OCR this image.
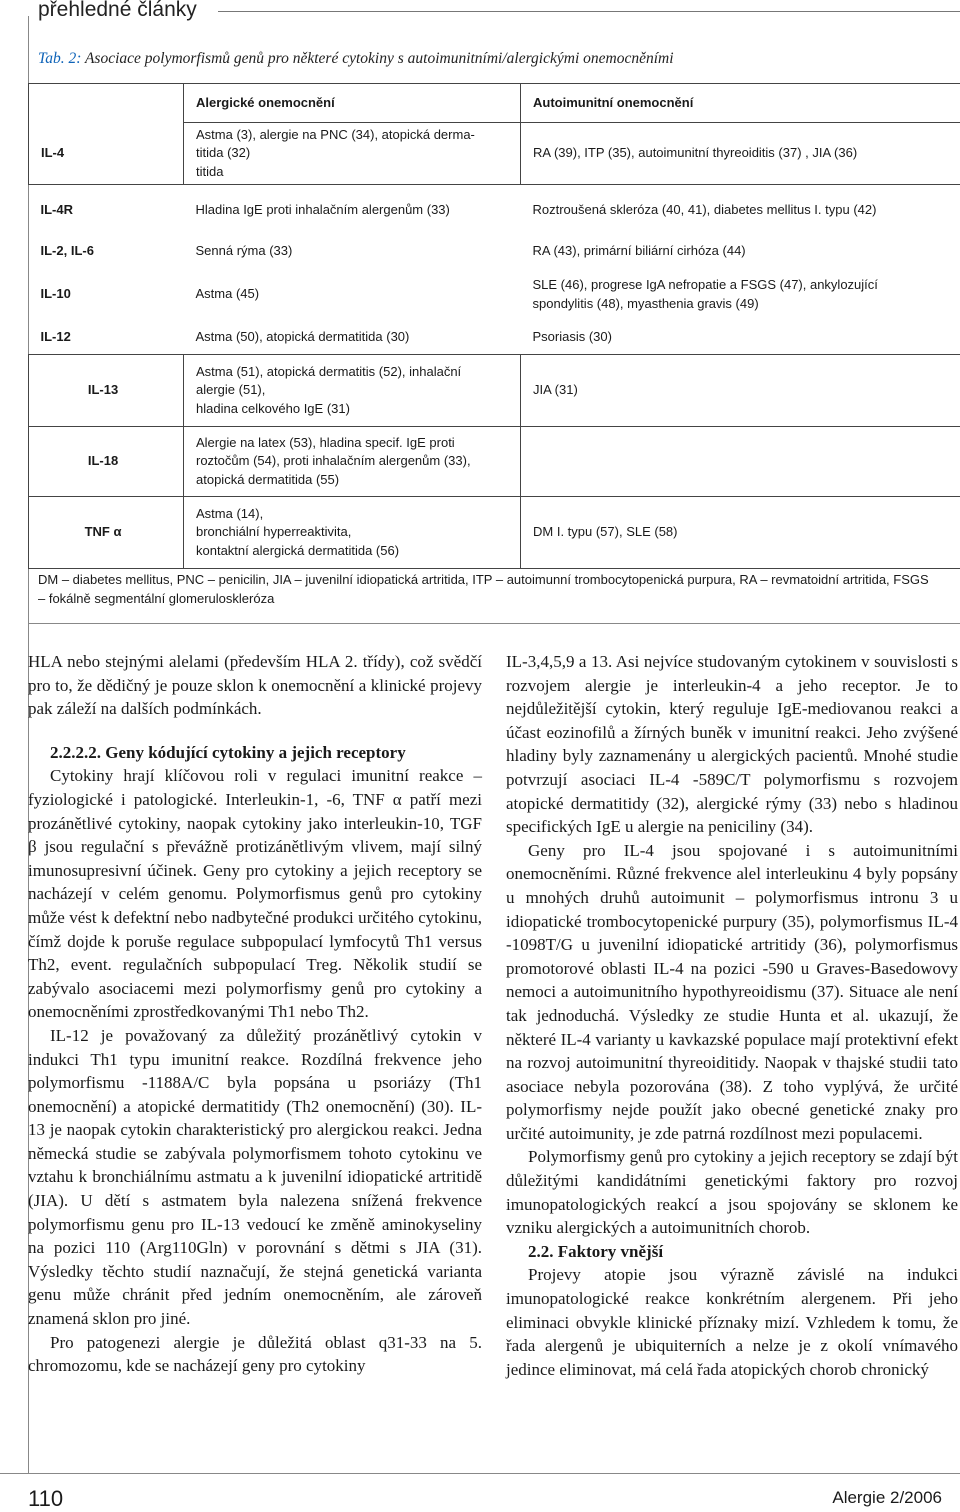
přehledné články
Tab. 2: Asociace polymorfismů genů pro některé cytokiny s autoimunitními/alergickými onemocněními
	Alergické onemocnění	Autoimunitní onemocnění
IL-4	Astma (3), alergie na PNC (34), atopická derma-
titida (32)
titida	RA (39), ITP (35), autoimunitní thyreoiditis (37) , JIA (36)
IL-4R	Hladina IgE proti inhalačním alergenům (33)	Roztroušená skleróza (40, 41), diabetes mellitus I. typu (42)
IL-2, IL-6	Senná rýma (33)	RA (43), primární biliární cirhóza (44)
IL-10	Astma (45)	SLE (46), progrese IgA nefropatie a FSGS (47), ankylozující
spondylitis (48), myasthenia gravis (49)

IL-12	Astma (50), atopická dermatitida (30)	Psoriasis (30)
IL-13	Astma (51), atopická dermatitis (52), inhalační
alergie (51),
hladina celkového IgE (31)	JIA (31)
IL-18	Alergie na latex (53), hladina specif. IgE proti
roztočům (54), proti inhalačním alergenům (33),
atopická dermatitida (55)	

TNF α	Astma (14),
bronchiální hyperreaktivita,
kontaktní alergická dermatitida (56)	DM I. typu (57), SLE (58)
DM – diabetes mellitus, PNC – penicilin, JIA – juvenilní idiopatická artritida, ITP – autoimunní trombocytopenická purpura, RA – revmatoidní artritida, FSGS – fokálně segmentální glomeruloskleróza

HLA nebo stejnými alelami (především HLA 2. třídy), což svědčí pro to, že dědičný je pouze sklon k onemocnění a klinické projevy pak záleží na dalších podmínkách.

2.2.2.2. Geny kódující cytokiny a jejich receptory

Cytokiny hrají klíčovou roli v regulaci imunitní reakce – fyziologické i patologické. Interleukin-1, -6, TNF α patří mezi prozánětlivé cytokiny, naopak cytokiny jako interleukin-10, TGF β jsou regulační s převážně protizánětlivým vlivem, mají silný imunosupresivní účinek. Geny pro cytokiny a jejich receptory se nacházejí v celém genomu. Polymorfismus genů pro cytokiny může vést k defektní nebo nadbytečné produkci určitého cytokinu, čímž dojde k poruše regulace subpopulací lymfocytů Th1 versus Th2, event. regulačních subpopulací Treg. Několik studií se zabývalo asociacemi mezi polymorfismy genů pro cytokiny a onemocněními zprostředkovanými Th1 nebo Th2.

IL-12 je považovaný za důležitý prozánětlivý cytokin v indukci Th1 typu imunitní reakce. Rozdílná frekvence jeho polymorfismu -1188A/C byla popsána u psoriázy (Th1 onemocnění) a atopické dermatitidy (Th2 onemocnění) (30). IL-13 je naopak cytokin charakteristický pro alergickou reakci. Jedna německá studie se zabývala polymorfismem tohoto cytokinu ve vztahu k bronchiálnímu astmatu a k juvenilní idiopatické artritidě (JIA). U dětí s astmatem byla nalezena snížená frekvence polymorfismu genu pro IL-13 vedoucí ke změně aminokyseliny na pozici 110 (Arg110Gln) v porovnání s dětmi s JIA (31). Výsledky těchto studií naznačují, že stejná genetická varianta genu může chránit před jedním onemocněním, ale zároveň znamená sklon pro jiné.

Pro patogenezi alergie je důležitá oblast q31-33 na 5. chromozomu, kde se nacházejí geny pro cytokiny

IL-3,4,5,9 a 13. Asi nejvíce studovaným cytokinem v souvislosti s rozvojem alergie je interleukin-4 a jeho receptor. Je to nejdůležitější cytokin, který reguluje IgE-mediovanou reakci a účast eozinofilů a žírných buněk v imunitní reakci. Jeho zvýšené hladiny byly zaznamenány u alergických pacientů. Mnohé studie potvrzují asociaci IL-4 -589C/T polymorfismu s rozvojem atopické dermatitidy (32), alergické rýmy (33) nebo s hladinou specifických IgE u alergie na peniciliny (34).

Geny pro IL-4 jsou spojované i s autoimunitními onemocněními. Různé frekvence alel interleukinu 4 byly popsány u mnohých druhů autoimunit – polymorfismus intronu 3 u idiopatické trombocytopenické purpury (35), polymorfismus IL-4 -1098T/G u juvenilní idiopatické artritidy (36), polymorfismus promotorové oblasti IL-4 na pozici -590 u Graves-Basedowovy nemoci a autoimunitního hypothyreoidismu (37). Situace ale není tak jednoduchá. Výsledky ze studie Hunta et al. ukazují, že některé IL-4 varianty u kavkazské populace mají protektivní efekt na rozvoj autoimunitní thyreoiditidy. Naopak v thajské studii tato asociace nebyla pozorována (38). Z toho vyplývá, že určité polymorfismy nejde použít jako obecné genetické znaky pro určité autoimunity, je zde patrná rozdílnost mezi populacemi.

Polymorfismy genů pro cytokiny a jejich receptory se zdají být důležitými kandidátními genetickými faktory pro rozvoj imunopatologických reakcí a jsou spojovány se sklonem ke vzniku alergických a autoimunitních chorob.

2.2. Faktory vnější

Projevy atopie jsou výrazně závislé na indukci imunopatologické reakce konkrétním alergenem. Při jeho eliminaci obvykle klinické příznaky mizí. Vzhledem k tomu, že řada alergenů je ubiquiterních a nelze je z okolí vnímavého jedince eliminovat, má celá řada atopických chorob chronický

110	Alergie 2/2006
